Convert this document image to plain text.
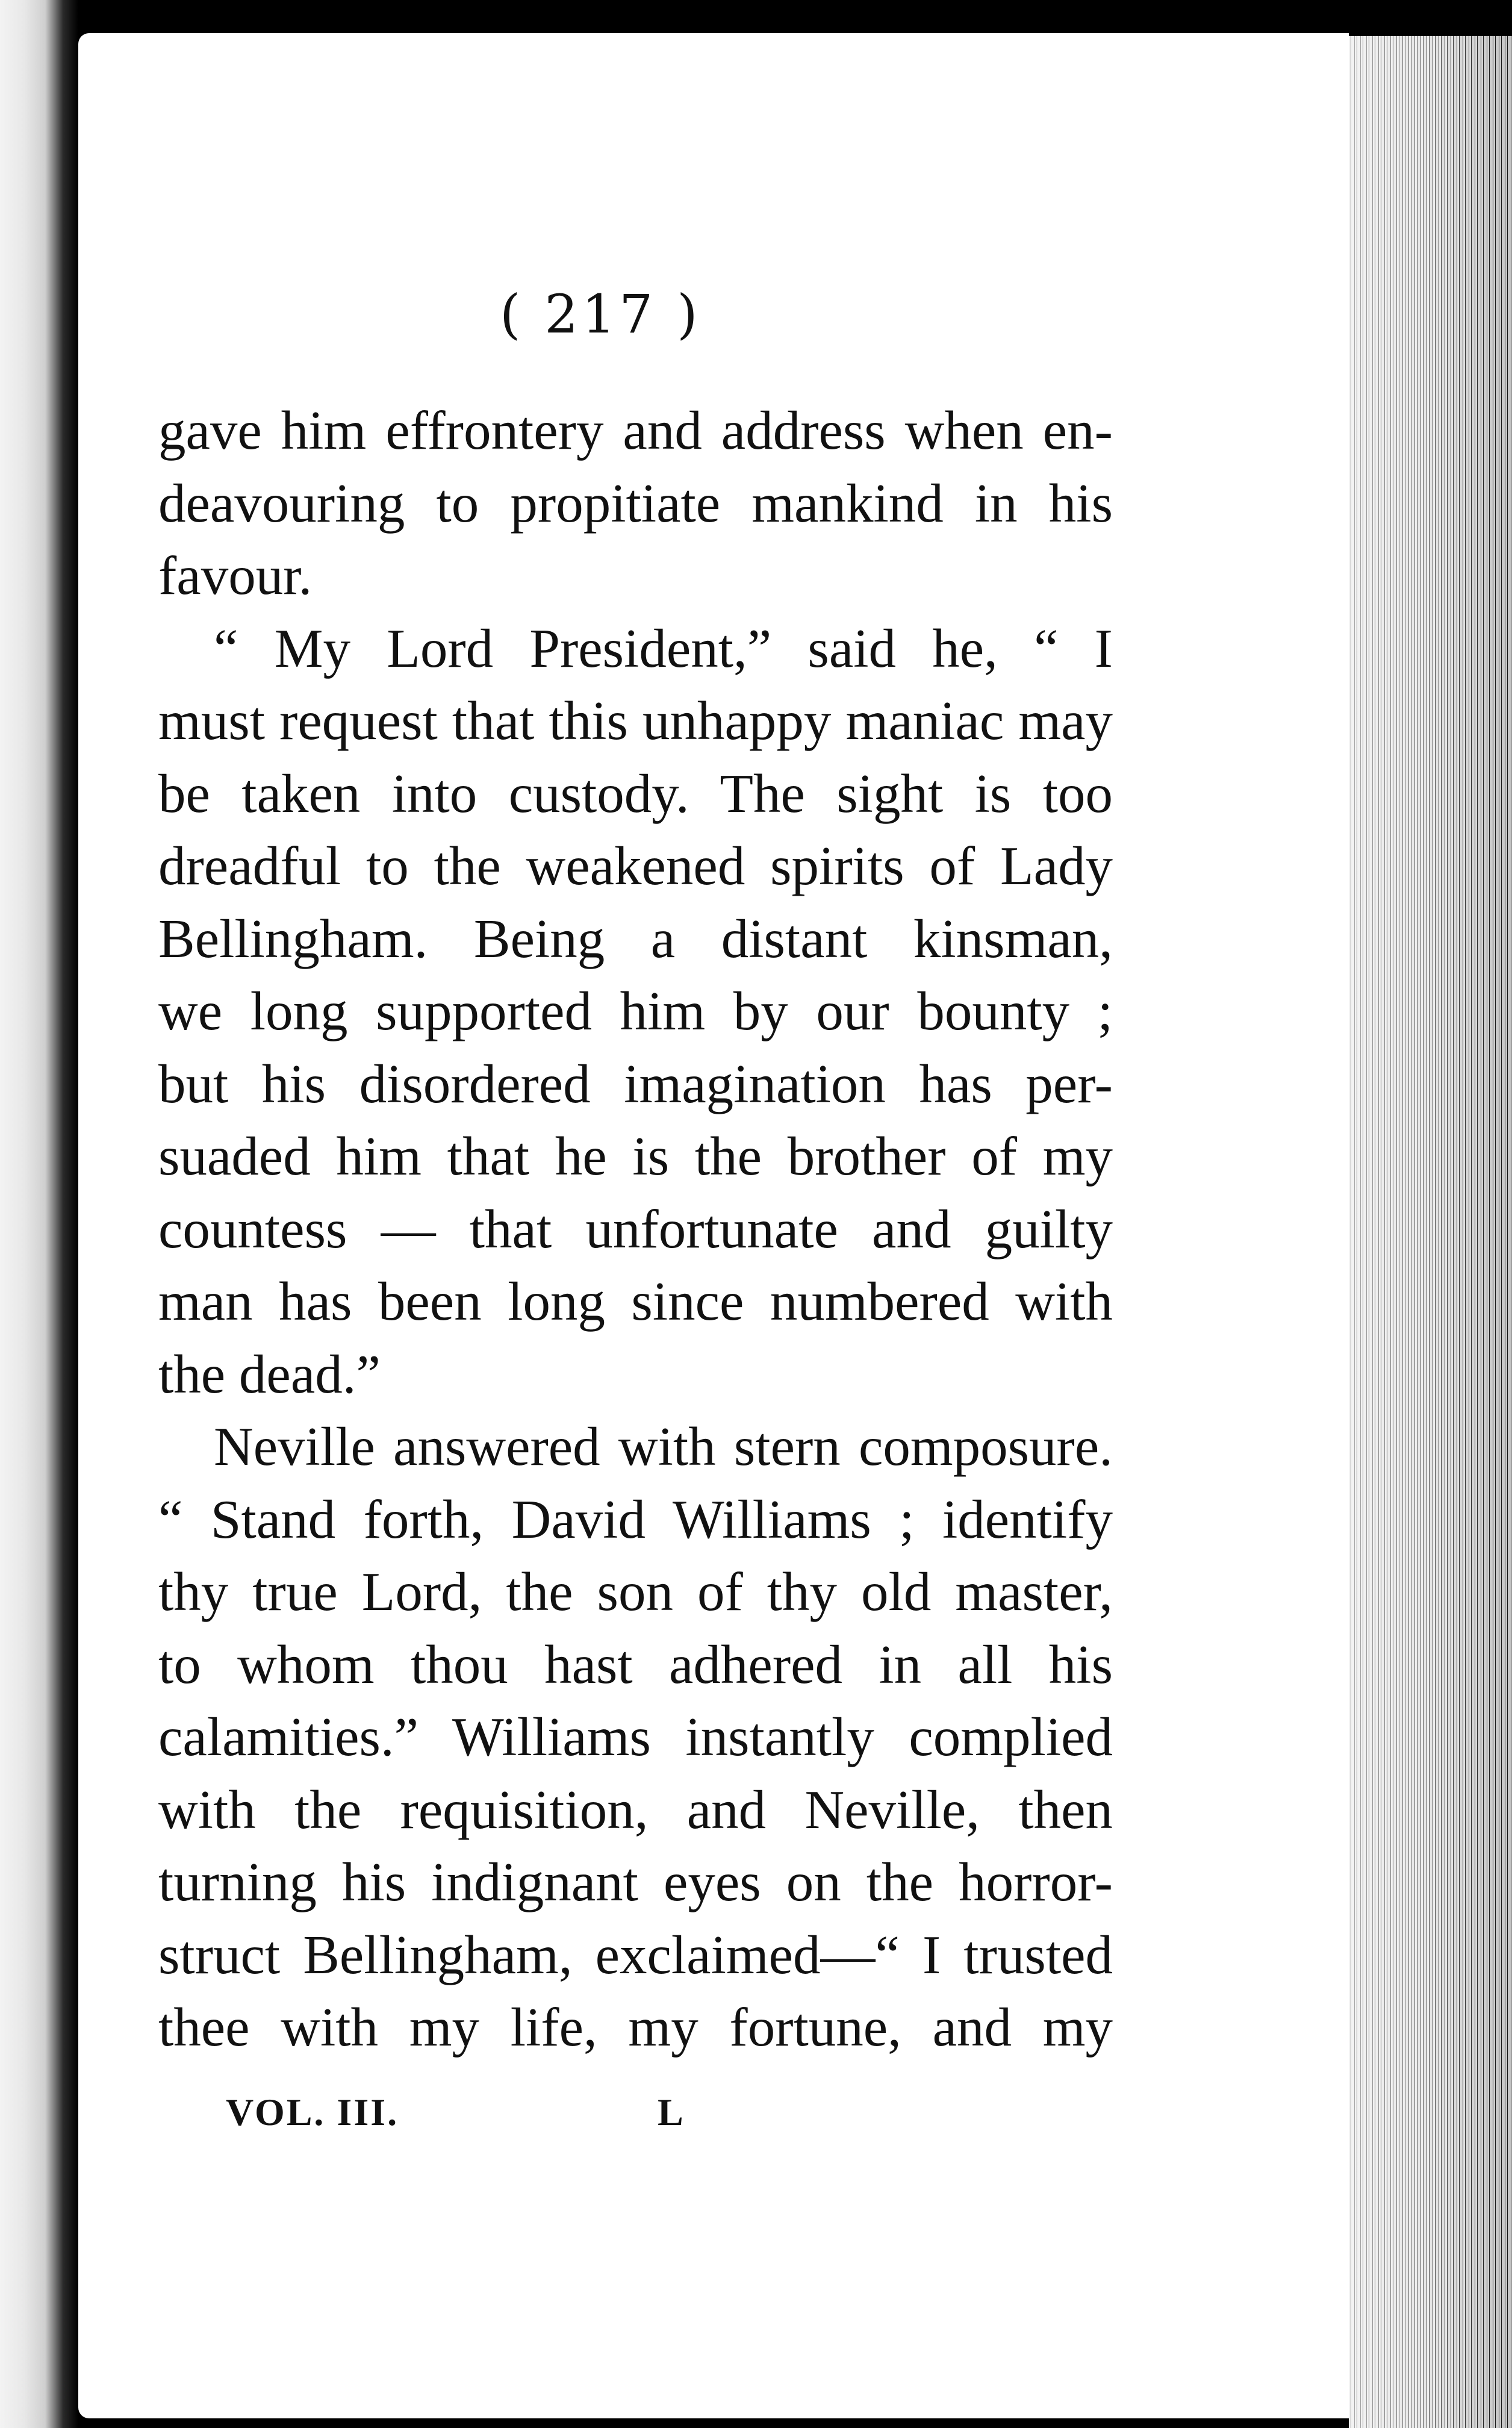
( 217 )
gave him effrontery and address when en-
deavouring to propitiate mankind in his
favour.
“ My Lord President,” said he, “ I
must request that this unhappy maniac may
be taken into custody. The sight is too
dreadful to the weakened spirits of Lady
Bellingham. Being a distant kinsman,
we long supported him by our bounty ;
but his disordered imagination has per-
suaded him that he is the brother of my
countess — that unfortunate and guilty
man has been long since numbered with
the dead.”
Neville answered with stern composure.
“ Stand forth, David Williams ; identify
thy true Lord, the son of thy old master,
to whom thou hast adhered in all his
calamities.” Williams instantly complied
with the requisition, and Neville, then
turning his indignant eyes on the horror-
struct Bellingham, exclaimed—“ I trusted
thee with my life, my fortune, and my
VOL. III.	L
